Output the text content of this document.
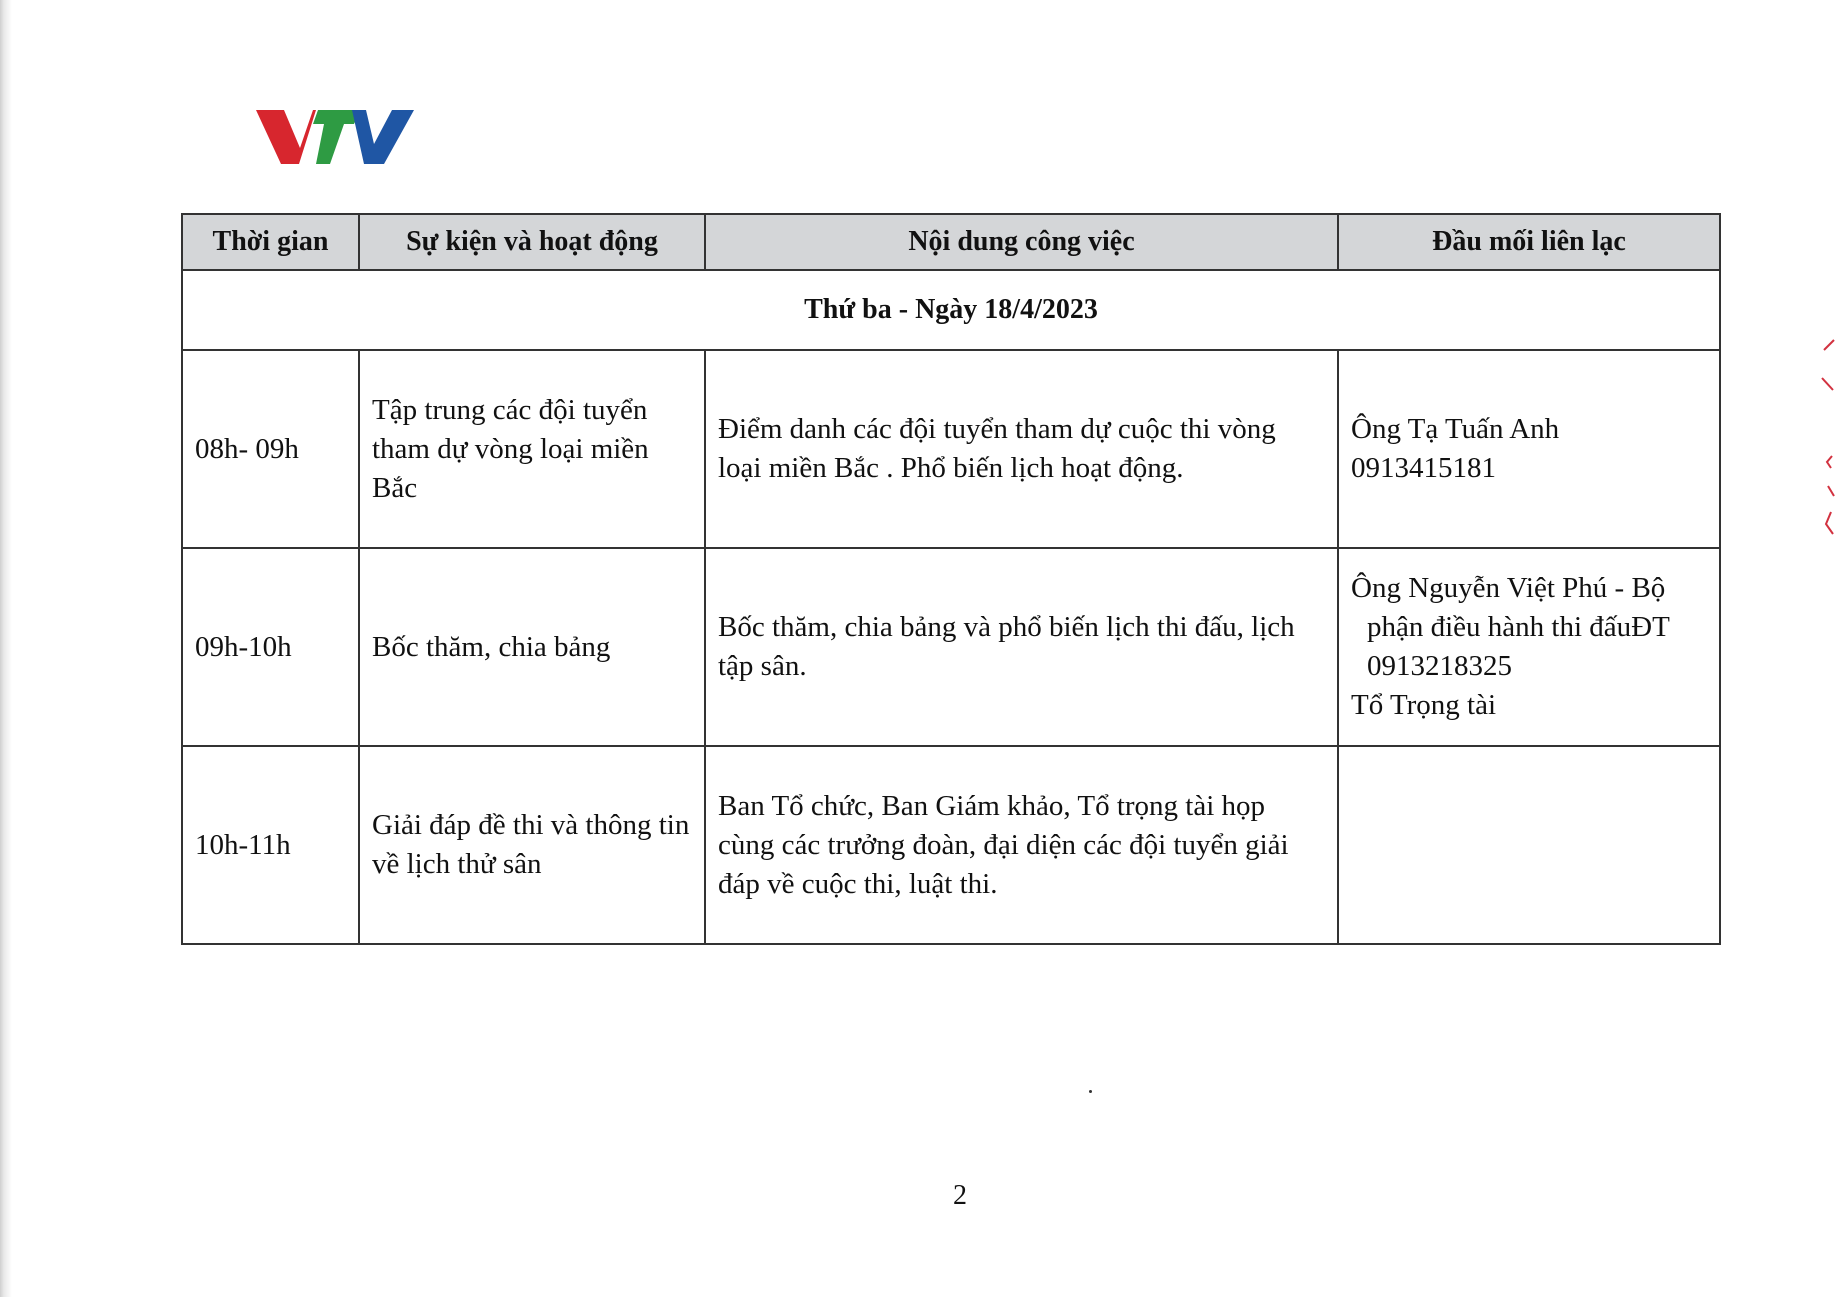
Thời gian	Sự kiện và hoạt động	Nội dung công việc	Đầu mối liên lạc
Thứ ba - Ngày 18/4/2023			
08h- 09h	Tập trung các đội tuyển tham dự vòng loại miền Bắc	Điểm danh các đội tuyển tham dự cuộc thi vòng loại miền Bắc . Phổ biến lịch hoạt động.	Ông Tạ Tuấn Anh
0913415181

09h-10h	Bốc thăm, chia bảng	Bốc thăm, chia bảng và phổ biến lịch thi đấu, lịch tập sân.	Ông Nguyễn Việt Phú - Bộ
phận điều hành thi đấuĐT
0913218325
Tổ Trọng tài

10h-11h	Giải đáp đề thi và thông tin về lịch thử sân	Ban Tổ chức, Ban Giám khảo, Tổ trọng tài họp cùng các trưởng đoàn, đại diện các đội tuyển giải đáp về cuộc thi, luật thi.	
2
